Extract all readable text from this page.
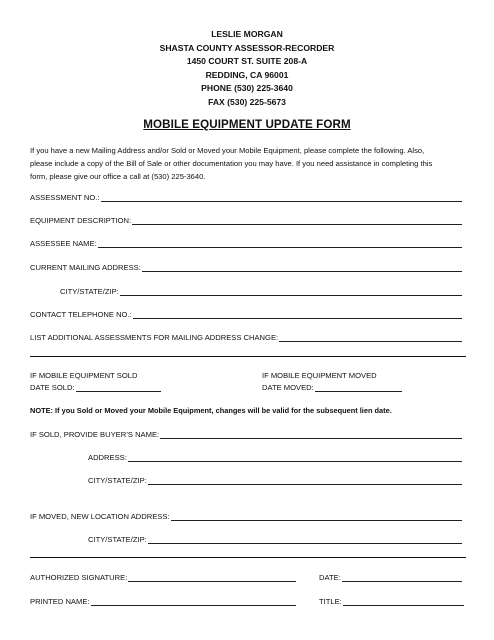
LESLIE MORGAN
SHASTA COUNTY ASSESSOR-RECORDER
1450 COURT ST. SUITE 208-A
REDDING, CA 96001
PHONE (530) 225-3640
FAX (530) 225-5673
MOBILE EQUIPMENT UPDATE FORM
If you have a new Mailing Address and/or Sold or Moved your Mobile Equipment, please complete the following. Also,
please include a copy of the Bill of Sale or other documentation you may have. If you need assistance in completing this
form, please give our office a call at (530) 225-3640.
ASSESSMENT NO.:
EQUIPMENT DESCRIPTION:
ASSESSEE NAME:
CURRENT MAILING ADDRESS:
CITY/STATE/ZIP:
CONTACT TELEPHONE NO.:
LIST ADDITIONAL ASSESSMENTS FOR MAILING ADDRESS CHANGE:
IF MOBILE EQUIPMENT SOLD
DATE SOLD:
IF MOBILE EQUIPMENT MOVED
DATE MOVED:
NOTE: If you Sold or Moved your Mobile Equipment, changes will be valid for the subsequent lien date.
IF SOLD, PROVIDE BUYER’S NAME:
ADDRESS:
CITY/STATE/ZIP:
IF MOVED, NEW LOCATION ADDRESS:
CITY/STATE/ZIP:
AUTHORIZED SIGNATURE:	DATE:
PRINTED NAME:	TITLE:
